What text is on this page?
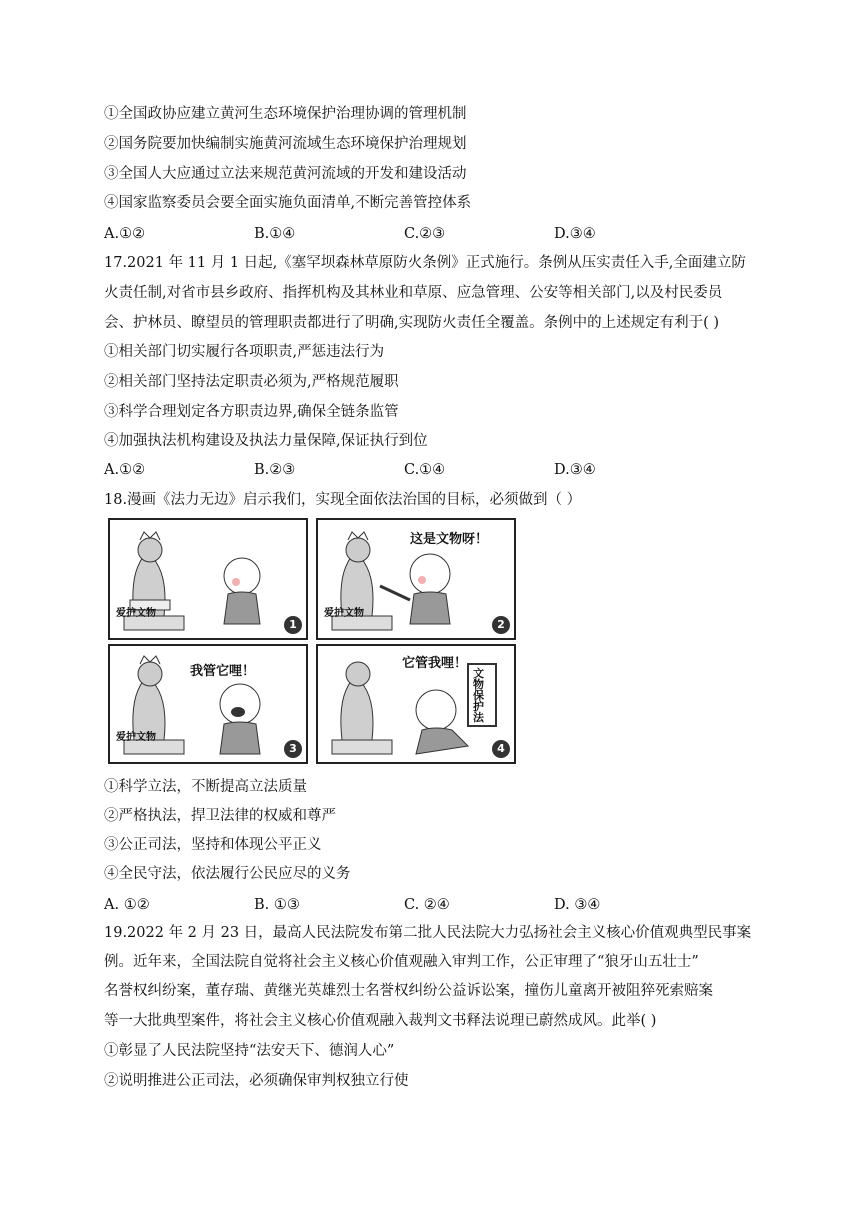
①全国政协应建立黄河生态环境保护治理协调的管理机制
②国务院要加快编制实施黄河流域生态环境保护治理规划
③全国人大应通过立法来规范黄河流域的开发和建设活动
④国家监察委员会要全面实施负面清单,不断完善管控体系
A.①②	B.①④	C.②③	D.③④
17.2021 年 11 月 1 日起,《塞罕坝森林草原防火条例》正式施行。条例从压实责任入手,全面建立防
火责任制,对省市县乡政府、指挥机构及其林业和草原、应急管理、公安等相关部门,以及村民委员
会、护林员、瞭望员的管理职责都进行了明确,实现防火责任全覆盖。条例中的上述规定有利于( )
①相关部门切实履行各项职责,严惩违法行为
②相关部门坚持法定职责必须为,严格规范履职
③科学合理划定各方职责边界,确保全链条监管
④加强执法机构建设及执法力量保障,保证执行到位
A.①②	B.②③	C.①④	D.③④
18.漫画《法力无边》启示我们，实现全面依法治国的目标，必须做到（ ）
爱护文物
1
这是文物呀！
爱护文物
2
我管它哩！
爱护文物
3
它管我哩！
文物保护法
4
①科学立法，不断提高立法质量
②严格执法，捍卫法律的权威和尊严
③公正司法，坚持和体现公平正义
④全民守法，依法履行公民应尽的义务
A. ①②	B. ①③	C. ②④	D. ③④
19.2022 年 2 月 23 日，最高人民法院发布第二批人民法院大力弘扬社会主义核心价值观典型民事案
例。近年来，全国法院自觉将社会主义核心价值观融入审判工作，公正审理了“狼牙山五壮士”
名誉权纠纷案，董存瑞、黄继光英雄烈士名誉权纠纷公益诉讼案，撞伤儿童离开被阻猝死索赔案
等一大批典型案件，将社会主义核心价值观融入裁判文书释法说理已蔚然成风。此举( )
①彰显了人民法院坚持“法安天下、德润人心”
②说明推进公正司法，必须确保审判权独立行使
